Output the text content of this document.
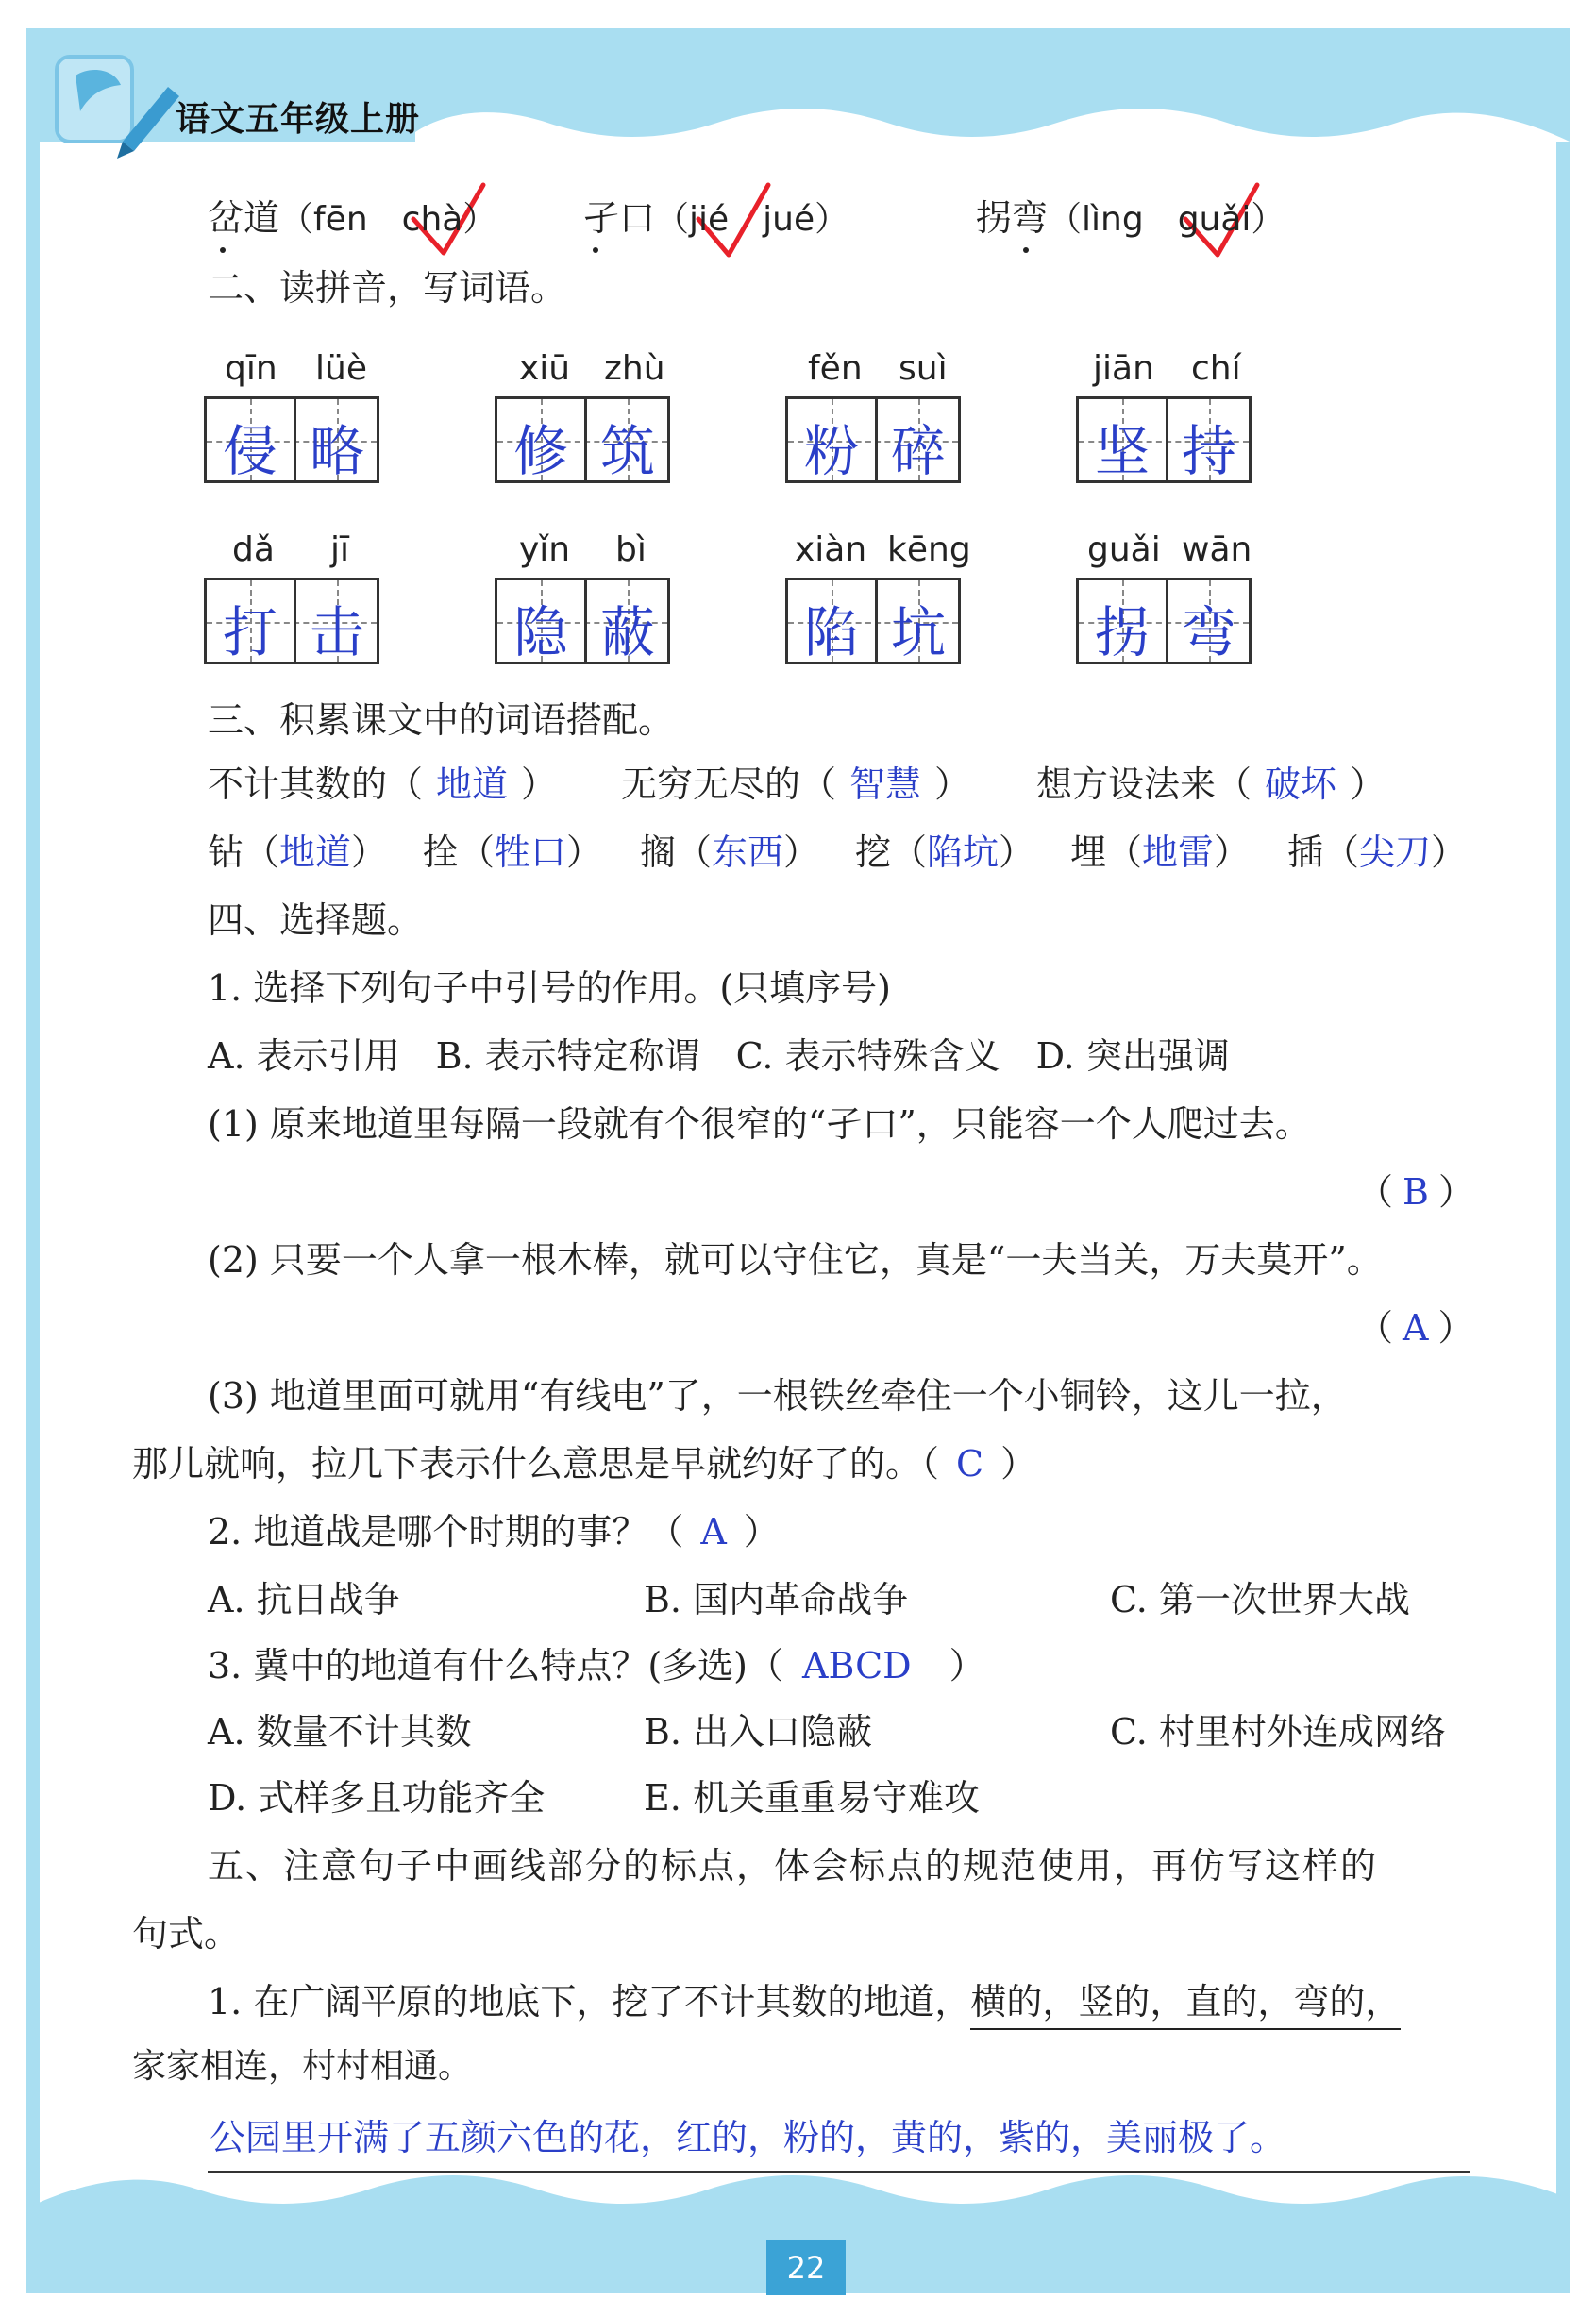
语文五年级上册
岔道（fēn　chà） 孑口（jié　jué）	拐弯（lìng　guǎi）
二、读拼音，写词语。
qīn lüè	xiū zhù	fěn suì	jiān chí
侵 略	修 筑	粉 碎	坚 持
dǎ jī	yǐn bì	xiàn kēng	guǎi wān
打 击	隐 蔽	陷 坑	拐 弯
三、积累课文中的词语搭配。
不计其数的（ 地道 ） 无穷无尽的（ 智慧 ） 想方设法来（ 破坏 ）
钻（地道） 拴（牲口） 搁（东西） 挖（陷坑） 埋（地雷） 插（尖刀）
四、选择题。
1. 选择下列句子中引号的作用。(只填序号)
A. 表示引用　B. 表示特定称谓　C. 表示特殊含义　D. 突出强调
(1) 原来地道里每隔一段就有个很窄的“孑口”，只能容一个人爬过去。
（ B ）
(2) 只要一个人拿一根木棒，就可以守住它，真是“一夫当关，万夫莫开”。
（ A ）
(3) 地道里面可就用“有线电”了，一根铁丝牵住一个小铜铃，这儿一拉，
那儿就响，拉几下表示什么意思是早就约好了的。（ C ）
2. 地道战是哪个时期的事？（ A ）
A. 抗日战争	B. 国内革命战争	C. 第一次世界大战
3. 冀中的地道有什么特点？(多选)（ ABCD ）
A. 数量不计其数	B. 出入口隐蔽	C. 村里村外连成网络
D. 式样多且功能齐全	E. 机关重重易守难攻
五、注意句子中画线部分的标点，体会标点的规范使用，再仿写这样的
句式。
1. 在广阔平原的地底下，挖了不计其数的地道，横的，竖的，直的，弯的，
家家相连，村村相通。
公园里开满了五颜六色的花，红的，粉的，黄的，紫的，美丽极了。
22
